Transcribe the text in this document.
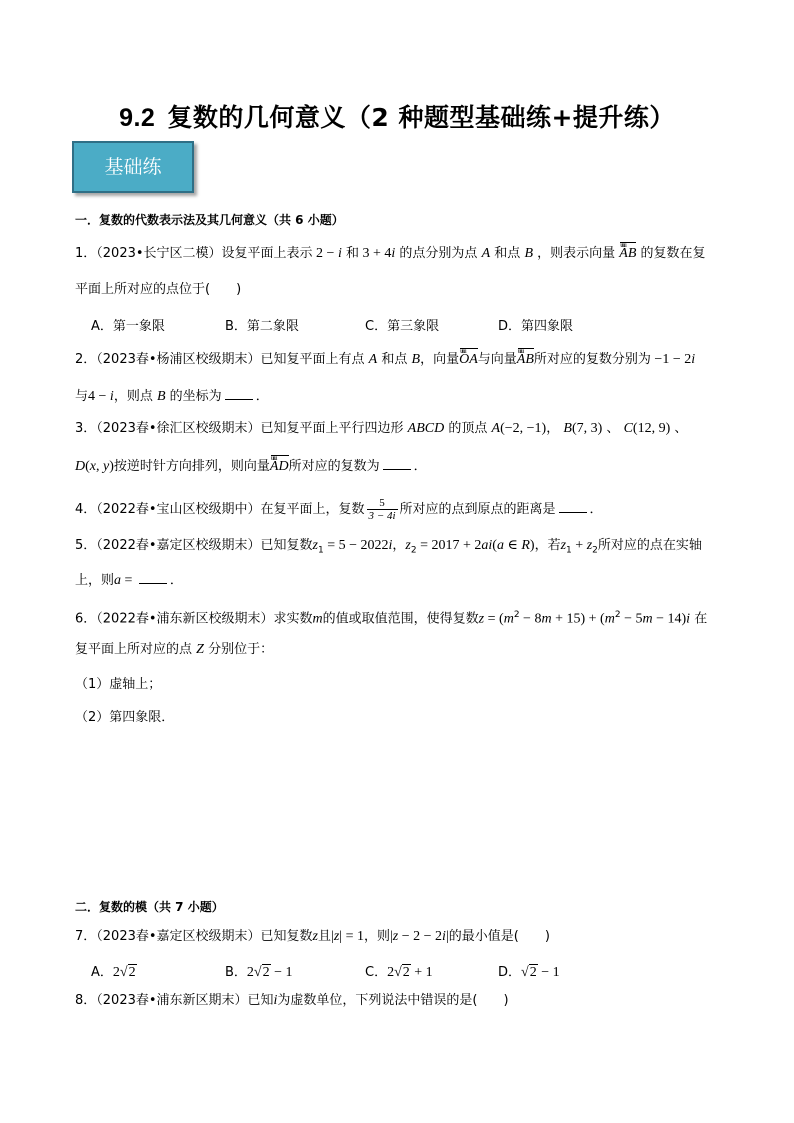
9.2 复数的几何意义（2 种题型基础练+提升练）
基础练
一．复数的代数表示法及其几何意义（共 6 小题）
1．（2023•长宁区二模）设复平面上表示 2 − i 和 3 + 4i 的点分别为点 A 和点 B ，则表示向量 uuu AB 的复数在复
平面上所对应的点位于(　　)
A．第一象限	B．第二象限	C．第三象限	D．第四象限
2．（2023春•杨浦区校级期末）已知复平面上有点 A 和点 B，向量uuu OA与向量uuu AB所对应的复数分别为 −1 − 2i
与4 − i，则点 B 的坐标为	．
3．（2023春•徐汇区校级期末）已知复平面上平行四边形 ABCD 的顶点 A(−2, −1)， B(7, 3) 、 C(12, 9) 、
D(x, y)按逆时针方向排列，则向量uuu AD所对应的复数为	．
4．（2022春•宝山区校级期中）在复平面上，复数 $\frac{5}{3 - 4i}$ 所对应的点到原点的距离是	．
5．（2022春•嘉定区校级期末）已知复数$z_1 = 5 - 2022i$，$z_2 = 2017 + 2ai(a$ ∈ R)，若$z_1 + z_2$所对应的点在实轴
上，则a =	．
6．（2022春•浦东新区校级期末）求实数m的值或取值范围，使得复数$z = (m^2 - 8m + 15) + (m^2 - 5m - 14)i$ 在
复平面上所对应的点 Z 分别位于：
（1）虚轴上；
（2）第四象限．
二．复数的模（共 7 小题）
7．（2023春•嘉定区校级期末）已知复数z且|z| = 1，则|z − 2 − 2i|的最小值是(　　)
A．2√2	B．2√2 − 1	C．2√2 + 1	D．√2 − 1
8．（2023春•浦东新区期末）已知i为虚数单位，下列说法中错误的是(　　)
